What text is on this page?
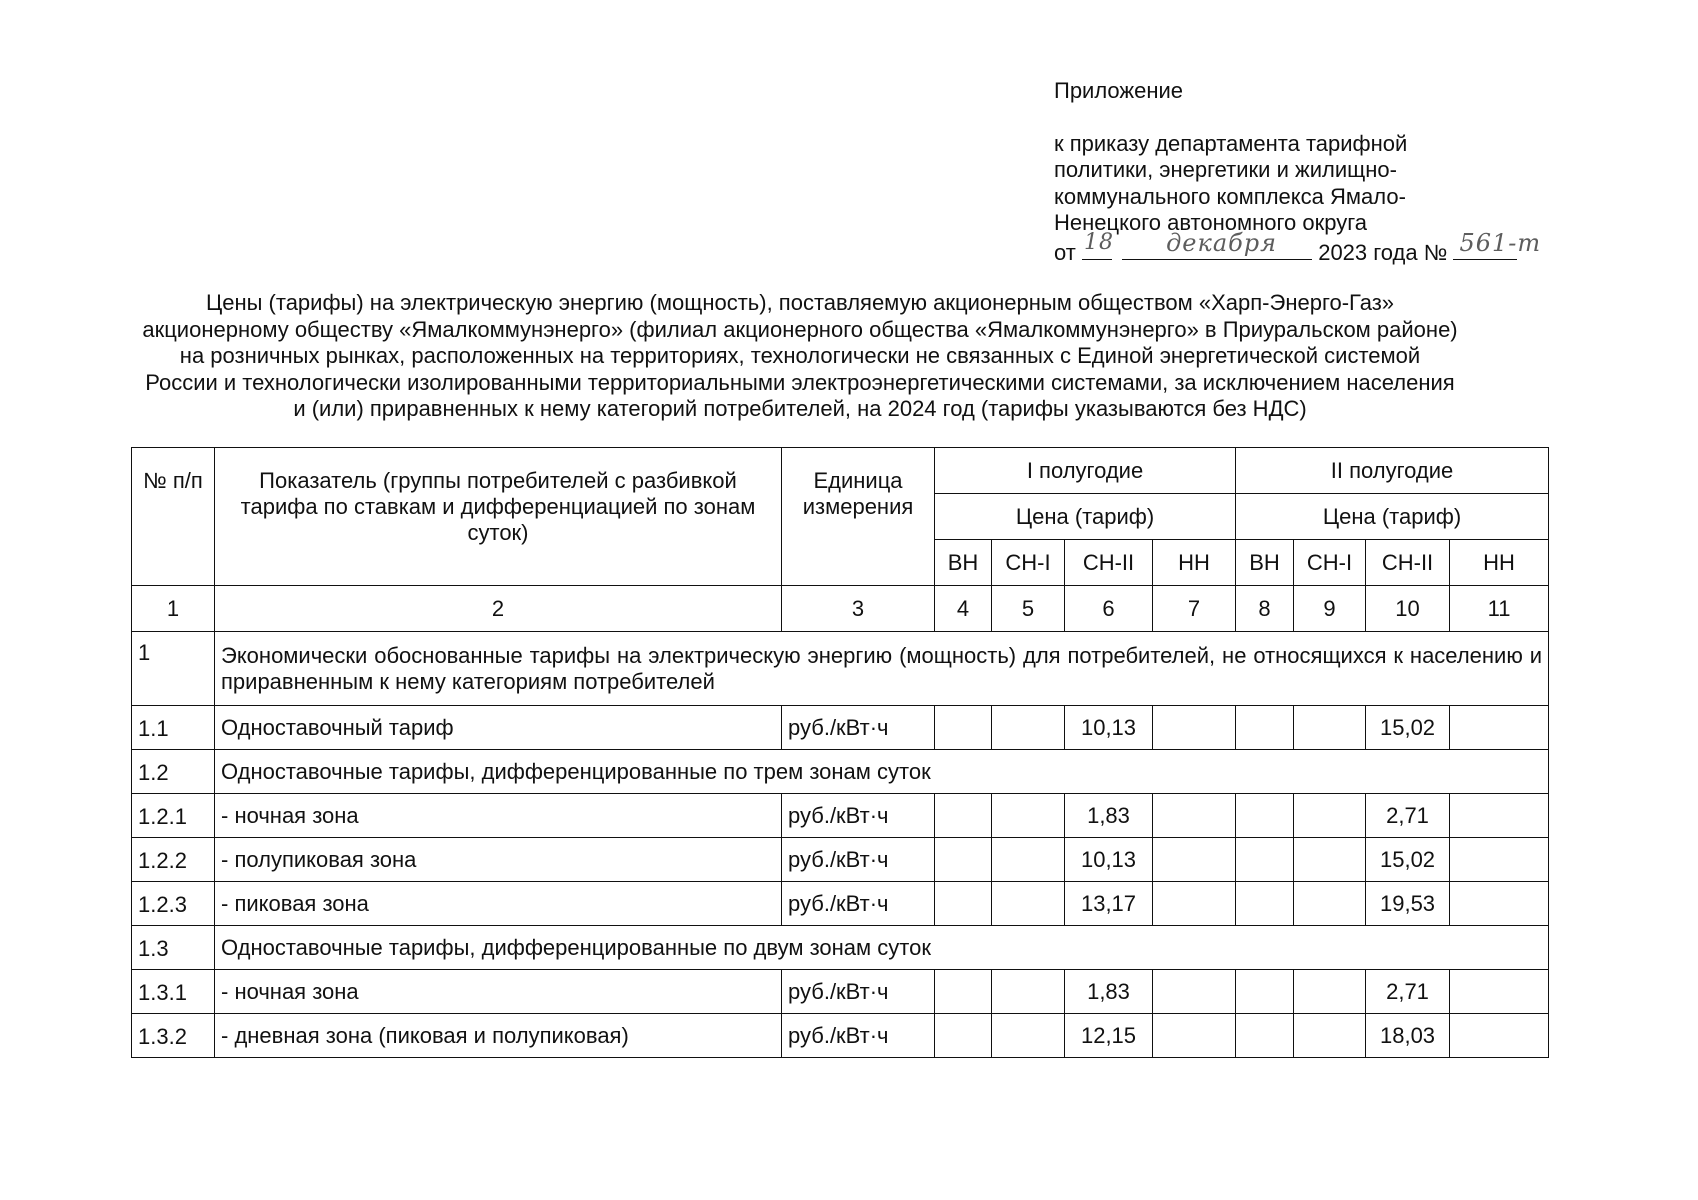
Приложение
к приказу департамента тарифной
политики, энергетики и жилищно-
коммунального комплекса Ямало-
Ненецкого автономного округа
от 18
декабря 2023 года № 561-т
Цены (тарифы) на электрическую энергию (мощность), поставляемую акционерным обществом «Харп-Энерго-Газ»
акционерному обществу «Ямалкоммунэнерго» (филиал акционерного общества «Ямалкоммунэнерго» в Приуральском районе)
на розничных рынках, расположенных на территориях, технологически не связанных с Единой энергетической системой
России и технологически изолированными территориальными электроэнергетическими системами, за исключением населения
и (или) приравненных к нему категорий потребителей, на 2024 год (тарифы указываются без НДС)
№ п/п	Показатель (группы потребителей с разбивкой тарифа по ставкам и дифференциацией по зонам суток)	Единица измерения	I полугодие				II полугодие			
			Цена (тариф)				Цена (тариф)			
			ВН	СН-I	СН-II	НН	ВН	СН-I	СН-II	НН
1	2	3	4	5	6	7	8	9	10	11
1	Экономически обоснованные тарифы на электрическую энергию (мощность) для потребителей, не относящихся к населению и приравненным к нему категориям потребителей									
1.1	Одноставочный тариф	руб./кВт·ч			10,13				15,02	
1.2	Одноставочные тарифы, дифференцированные по трем зонам суток									
1.2.1	- ночная зона	руб./кВт·ч			1,83				2,71	
1.2.2	- полупиковая зона	руб./кВт·ч			10,13				15,02	
1.2.3	- пиковая зона	руб./кВт·ч			13,17				19,53	
1.3	Одноставочные тарифы, дифференцированные по двум зонам суток									
1.3.1	- ночная зона	руб./кВт·ч			1,83				2,71	
1.3.2	- дневная зона (пиковая и полупиковая)	руб./кВт·ч			12,15				18,03	
